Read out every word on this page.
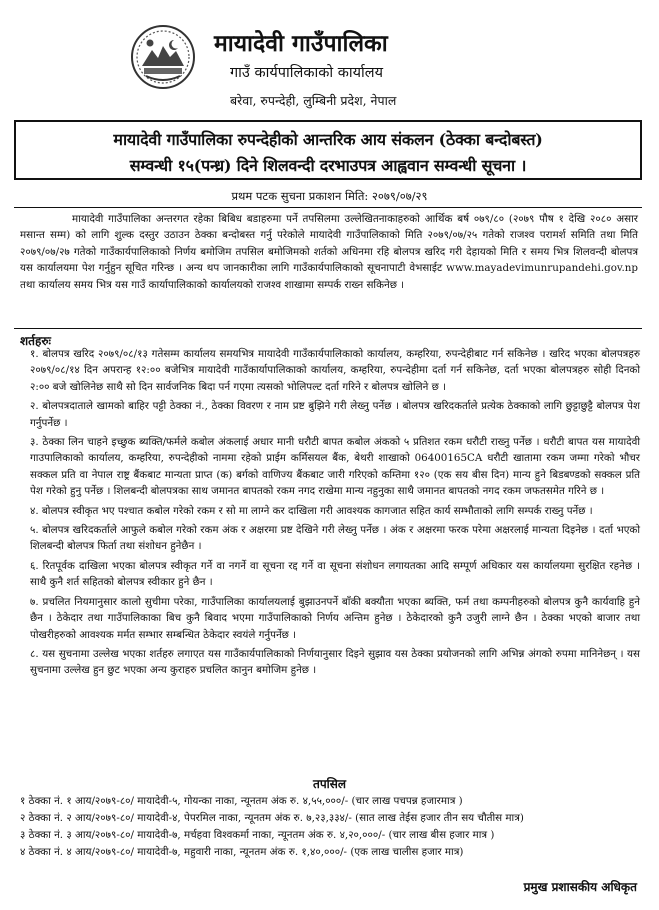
मायादेवी गाउँपालिका
गाउँ कार्यपालिकाको कार्यालय
बरेवा, रुपन्देही, लुम्बिनी प्रदेश, नेपाल
मायादेवी गाउँपालिका रुपन्देहीको आन्तरिक आय संकलन (ठेक्का बन्दोबस्त)
सम्वन्धी १५(पन्ध्र) दिने शिलवन्दी दरभाउपत्र आह्ववान सम्वन्धी सूचना ।
प्रथम पटक सुचना प्रकाशन मिति: २०७९/०७/२९

मायादेवी गाउँपालिका अन्तरगत रहेका बिबिध बडाहरुमा पर्ने तपसिलमा उल्लेखितनाकाहरुको आर्थिक बर्ष ०७९/८० (२०७९ पौष १ देखि २०८० असार मसान्त सम्म) को लागि शुल्क दस्तुर उठाउन ठेक्का बन्दोबस्त गर्नु परेकोले मायादेवी गाउँपालिकाको मिति २०७९/०७/२५ गतेको राजश्व परामर्श समिति तथा मिति २०७९/०७/२७ गतेको गाउँकार्यपालिकाको निर्णय बमोजिम तपसिल बमोजिमको शर्तको अधिनमा रहि बोलपत्र खरिद गरी देहायको मिति र समय भित्र शिलवन्दी बोलपत्र यस कार्यालयमा पेश गर्नुहुन सूचित गरिन्छ । अन्य थप जानकारीका लागि गाउँकार्यपालिकाको सूचनापाटी वेभसाईट www.mayadevimunrupandehi.gov.np तथा कार्यालय समय भित्र यस गाउँ कार्यापालिकाको कार्यालयको राजश्व शाखामा सम्पर्क राख्न सकिनेछ ।

शर्तहरुः
१. बोलपत्र खरिद २०७९/०८/१३ गतेसम्म कार्यालय समयभित्र मायादेवी गाउँकार्यपालिकाको कार्यालय, कम्हरिया, रुपन्देहीबाट गर्न सकिनेछ । खरिद भएका बोलपत्रहरु २०७९/०८/१४ दिन अपरान्ह १२:०० बजेभित्र मायादेवी गाउँकार्यापालिकाको कार्यालय, कम्हरिया, रुपन्देहीमा दर्ता गर्न सकिनेछ, दर्ता भएका बोलपत्रहरु सोही दिनको २:०० बजे खोलिनेछ साथै सो दिन सार्वजनिक बिदा पर्न गएमा त्यसको भोलिपल्ट दर्ता गरिने र बोलपत्र खोलिने छ ।
२. बोलपत्रदाताले खामको बाहिर पट्टी ठेक्का नं., ठेक्का विवरण र नाम प्रष्ट बुझिने गरी लेख्नु पर्नेछ । बोलपत्र खरिदकर्ताले प्रत्येक ठेक्काको लागि छुट्टाछुट्टै बोलपत्र पेश गर्नुपर्नेछ ।
३. ठेक्का लिन चाहने इच्छुक ब्यक्ति/फर्मले कबोल अंकलाई अधार मानी धरौटी बापत कबोल अंकको ५ प्रतिशत रकम धरौटी राख्नु पर्नेछ । धरौटी बापत यस मायादेवी गाउपालिकाको कार्यालय, कम्हरिया, रुपन्देहीको नाममा रहेको प्राईम कर्मिसयल बैंक, बेथरी शाखाको 06400165CA धरौटी खातामा रकम जम्मा गरेको भौचर सक्कल प्रति वा नेपाल राष्ट्र बैंकबाट मान्यता प्राप्त (क) बर्गको वाणिज्य बैंकबाट जारी गरिएको कम्तिमा १२० (एक सय बीस दिन) मान्य हुने बिडबण्डको सक्कल प्रति पेश गरेको हुनु पर्नेछ । शिलबन्दी बोलपत्रका साथ जमानत बापतको रकम नगद राखेमा मान्य नहुनुका साथै जमानत बापतको नगद रकम जफतसमेत गरिने छ ।
४. बोलपत्र स्वीकृत भए पश्चात कबोल गरेको रकम र सो मा लाग्ने कर दाखिला गरी आवश्यक कागजात सहित कार्य सम्भौताको लागि सम्पर्क राख्नु पर्नेछ ।
५. बोलपत्र खरिदकर्ताले आफुले कबोल गरेको रकम अंक र अक्षरमा प्रष्ट देखिने गरी लेख्नु पर्नेछ । अंक र अक्षरमा फरक परेमा अक्षरलाई मान्यता दिइनेछ । दर्ता भएको शिलबन्दी बोलपत्र फिर्ता तथा संशोधन हुनेछैन ।
६. रितपूर्वक दाखिला भएका बोलपत्र स्वीकृत गर्ने वा नगर्ने वा सूचना रद्द गर्ने वा सूचना संशोधन लगायतका आदि सम्पूर्ण अधिकार यस कार्यालयमा सुरक्षित रहनेछ । साथै कुनै शर्त सहितको बोलपत्र स्वीकार हुने छैन ।
७. प्रचलित नियमानुसार कालो सुचीमा परेका, गाउँपालिका कार्यालयलाई बुझाउनपर्ने बाँकी बक्यौता भएका ब्यक्ति, फर्म तथा कम्पनीहरुको बोलपत्र कुनै कार्यवाहि हुने छैन । ठेकेदार तथा गाउँपालिकाका बिच कुनै बिवाद भएमा गाउँपालिकाको निर्णय अन्तिम हुनेछ । ठेकेदारको कुनै उजुरी लाग्ने छैन । ठेक्का भएको बाजार तथा पोखरीहरुको आवश्यक मर्मत सम्भार सम्बन्धित ठेकेदार स्वयंले गर्नुपर्नेछ ।
८. यस सुचनामा उल्लेख भएका शर्तहरु लगाएत यस गाउँकार्यपालिकाको निर्णयानुसार दिइने सुझाव यस ठेक्का प्रयोजनको लागि अभिन्न अंगको रुपमा मानिनेछन् । यस सुचनामा उल्लेख हुन छुट भएका अन्य कुराहरु प्रचलित कानुन बमोजिम हुनेछ ।
तपसिल
१ ठेक्का नं. १ आय/२०७९-८०/ मायादेवी-५, गोयन्का नाका, न्यूनतम अंक रु. ४,५५,०००/- (चार लाख पचपन्न हजारमात्र )
२ ठेक्का नं. २ आय/२०७९-८०/ मायादेवी-४, पेपरमिल नाका, न्यूनतम अंक रु. ७,२३,३३४/- (सात लाख तेईस हजार तीन सय चौतीस मात्र)
३ ठेक्का नं. ३ आय/२०७९-८०/ मायादेवी-७, मर्चहवा विश्वकर्मा नाका, न्यूनतम अंक रु. ४,२०,०००/- (चार लाख बीस हजार मात्र )
४ ठेक्का नं. ४ आय/२०७९-८०/ मायादेवी-७, महुवारी नाका, न्यूनतम अंक रु. १,४०,०००/- (एक लाख चालीस हजार मात्र)
प्रमुख प्रशासकीय अधिकृत
